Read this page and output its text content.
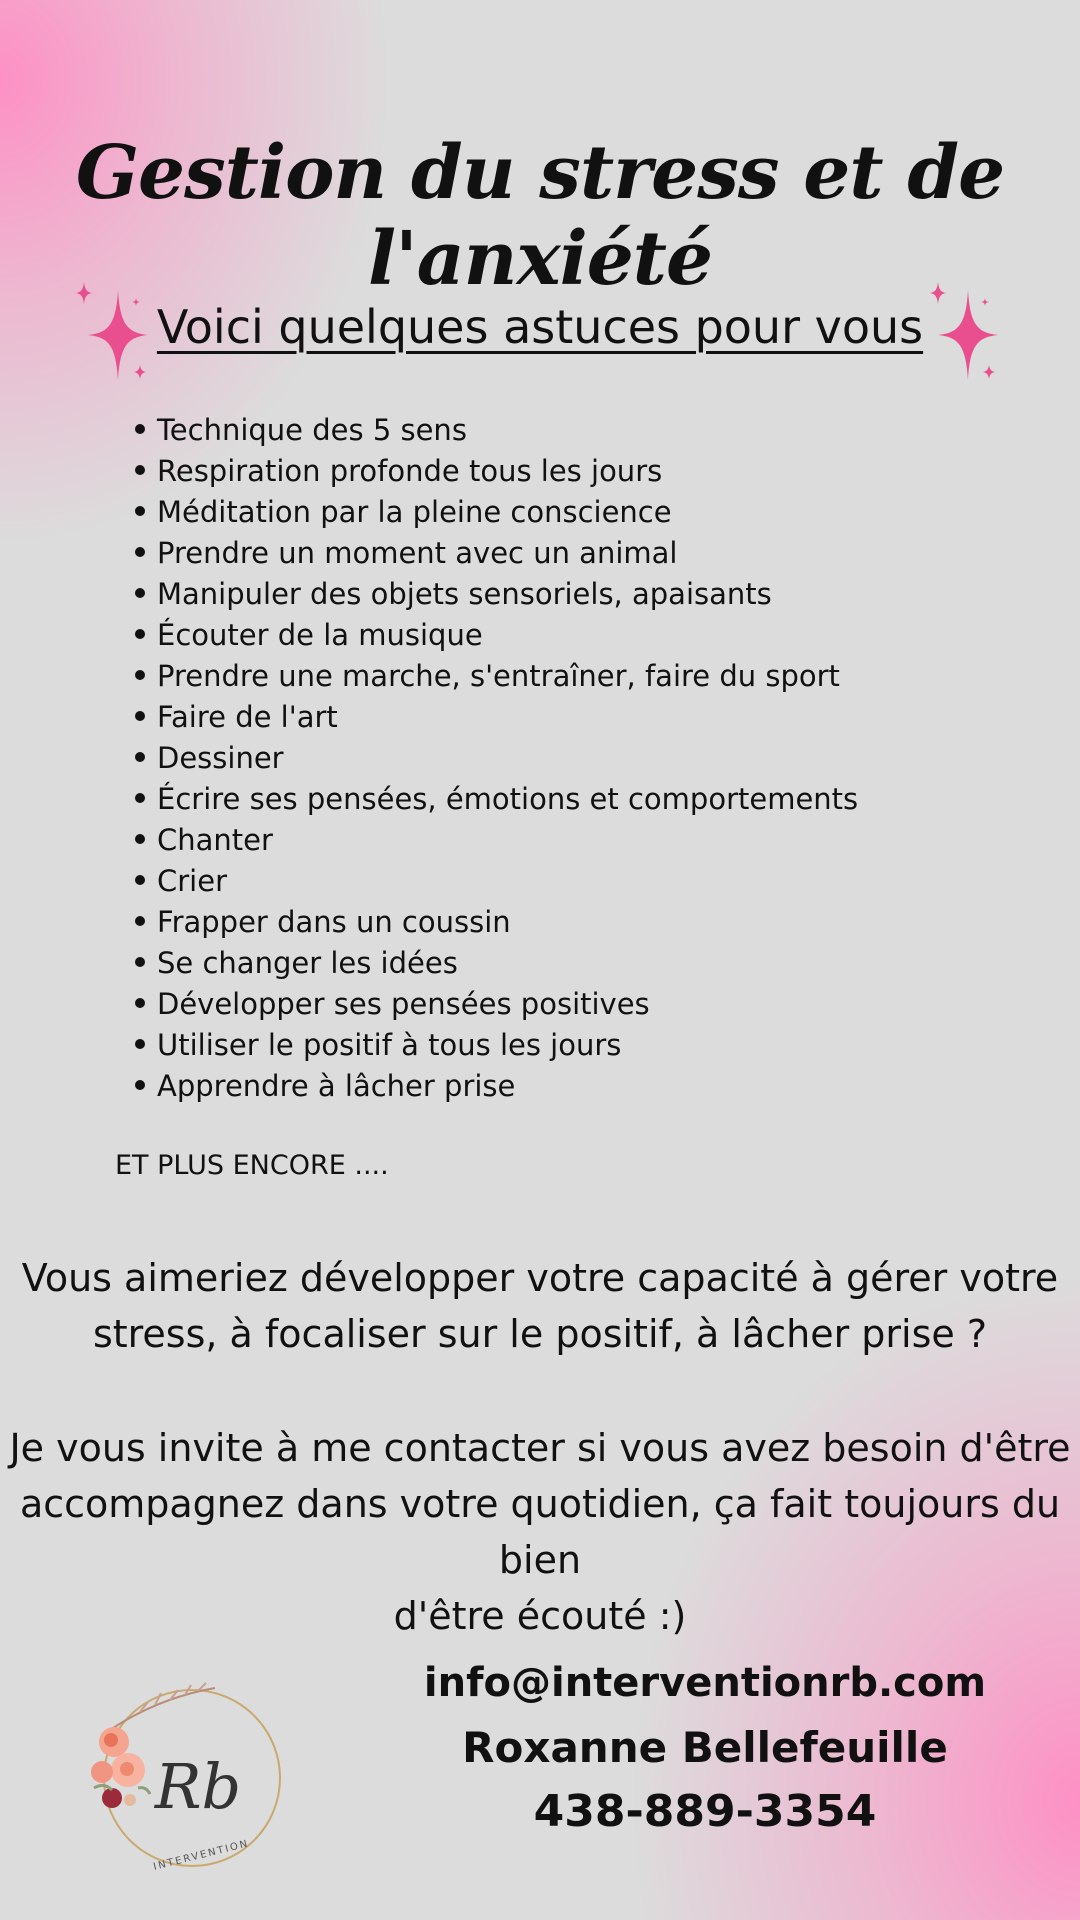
Gestion du stress et de l'anxiété
Voici quelques astuces pour vous
Technique des 5 sens
Respiration profonde tous les jours
Méditation par la pleine conscience
Prendre un moment avec un animal
Manipuler des objets sensoriels, apaisants
Écouter de la musique
Prendre une marche, s'entraîner, faire du sport
Faire de l'art
Dessiner
Écrire ses pensées, émotions et comportements
Chanter
Crier
Frapper dans un coussin
Se changer les idées
Développer ses pensées positives
Utiliser le positif à tous les jours
Apprendre à lâcher prise
ET PLUS ENCORE ....
Vous aimeriez développer votre capacité à gérer votre
stress, à focaliser sur le positif, à lâcher prise ?
Je vous invite à me contacter si vous avez besoin d'être
accompagnez dans votre quotidien, ça fait toujours du bien
d'être écouté :)
Rb
INTERVENTION
info@interventionrb.com
Roxanne Bellefeuille
438-889-3354
